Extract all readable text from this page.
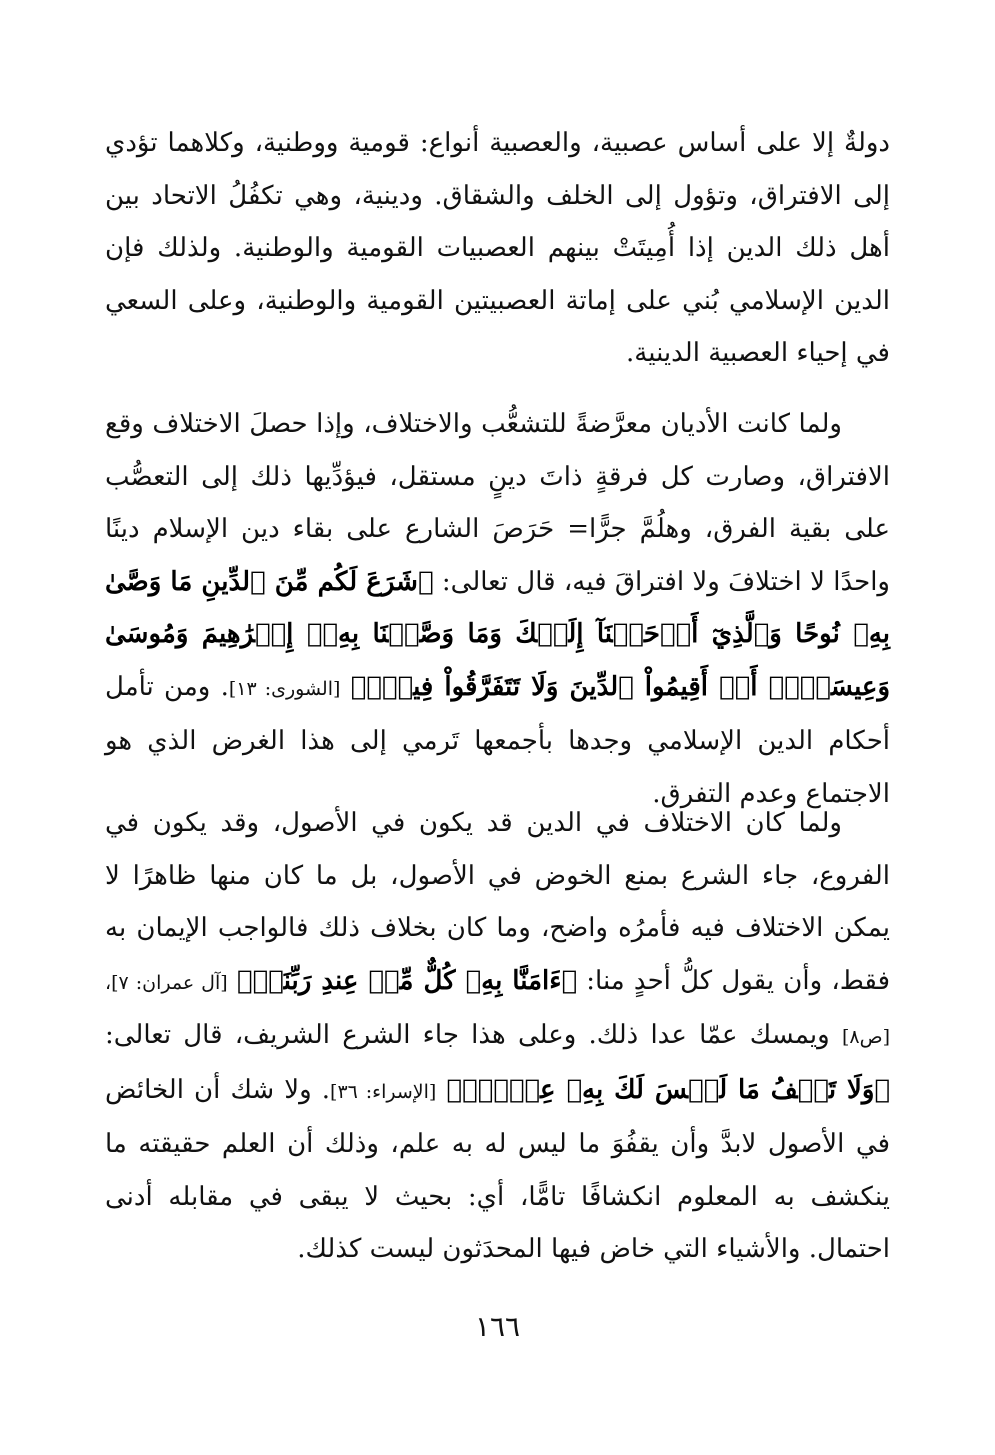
دولةٌ إلا على أساس عصبية، والعصبية أنواع: قومية ووطنية، وكلاهما تؤدي إلى الافتراق، وتؤول إلى الخلف والشقاق. ودينية، وهي تكفُلُ الاتحاد بين أهل ذلك الدين إذا أُمِيتَتْ بينهم العصبيات القومية والوطنية. ولذلك فإن الدين الإسلامي بُني على إماتة العصبيتين القومية والوطنية، وعلى السعي في إحياء العصبية الدينية.

ولما كانت الأديان معرَّضةً للتشعُّب والاختلاف، وإذا حصلَ الاختلاف وقع الافتراق، وصارت كل فرقةٍ ذاتَ دينٍ مستقل، فيؤدِّيها ذلك إلى التعصُّب على بقية الفرق، وهلُمَّ جرًّا= حَرَصَ الشارع على بقاء دين الإسلام دينًا واحدًا لا اختلافَ ولا افتراقَ فيه، قال تعالى: ﴿شَرَعَ لَكُم مِّنَ ٱلدِّينِ مَا وَصَّىٰ بِهِۦ نُوحًا وَٱلَّذِيٓ أَوۡحَيۡنَآ إِلَيۡكَ وَمَا وَصَّيۡنَا بِهِۦٓ إِبۡرَٰهِيمَ وَمُوسَىٰ وَعِيسَىٰٓۖ أَنۡ أَقِيمُواْ ٱلدِّينَ وَلَا تَتَفَرَّقُواْ فِيهِۚ﴾ [الشورى: ١٣]. ومن تأمل أحكام الدين الإسلامي وجدها بأجمعها تَرمي إلى هذا الغرض الذي هو الاجتماع وعدم التفرق.

ولما كان الاختلاف في الدين قد يكون في الأصول، وقد يكون في الفروع، جاء الشرع بمنع الخوض في الأصول، بل ما كان منها ظاهرًا لا يمكن الاختلاف فيه فأمرُه واضح، وما كان بخلاف ذلك فالواجب الإيمان به فقط، وأن يقول كلُّ أحدٍ منا: ﴿ءَامَنَّا بِهِۦ كُلٌّ مِّنۡ عِندِ رَبِّنَاۗ﴾ [آل عمران: ٧]، [ص٨] ويمسك عمّا عدا ذلك. وعلى هذا جاء الشرع الشريف، قال تعالى: ﴿وَلَا تَقۡفُ مَا لَيۡسَ لَكَ بِهِۦ عِلۡمٌۚ﴾ [الإسراء: ٣٦]. ولا شك أن الخائض في الأصول لابدَّ وأن يقفُوَ ما ليس له به علم، وذلك أن العلم حقيقته ما ينكشف به المعلوم انكشافًا تامًّا، أي: بحيث لا يبقى في مقابله أدنى احتمال. والأشياء التي خاض فيها المحدَثون ليست كذلك.

١٦٦
